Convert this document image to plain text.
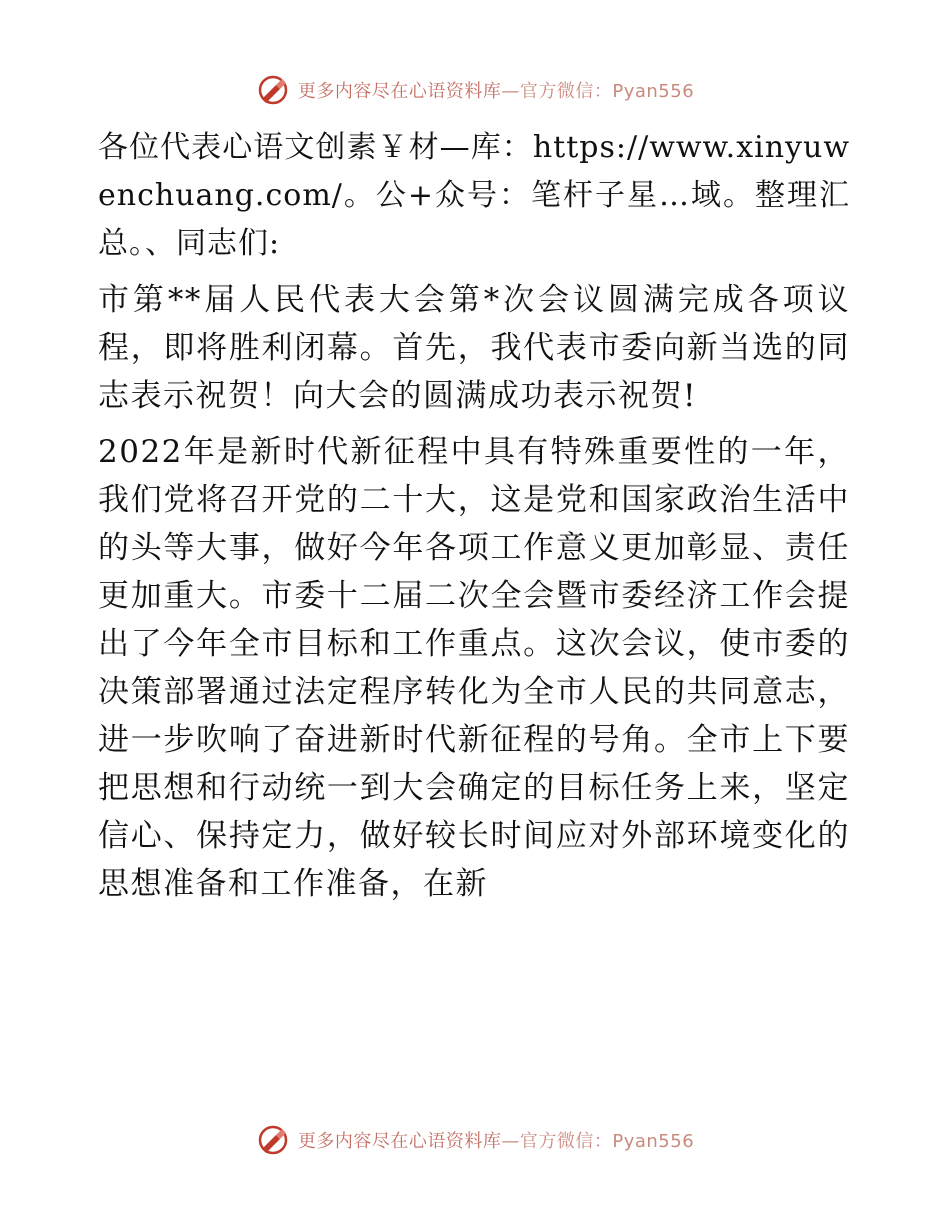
更多内容尽在心语资料库—官方微信：Pyan556

各位代表心语文创素￥材—库：https://www.xinyuwenchuang.com/。公+众号：笔杆子星…域。整理汇总。、同志们:

市第**届人民代表大会第*次会议圆满完成各项议程，即将胜利闭幕。首先，我代表市委向新当选的同志表示祝贺！向大会的圆满成功表示祝贺!

2022年是新时代新征程中具有特殊重要性的一年，我们党将召开党的二十大，这是党和国家政治生活中的头等大事，做好今年各项工作意义更加彰显、责任更加重大。市委十二届二次全会暨市委经济工作会提出了今年全市目标和工作重点。这次会议，使市委的决策部署通过法定程序转化为全市人民的共同意志，进一步吹响了奋进新时代新征程的号角。全市上下要把思想和行动统一到大会确定的目标任务上来，坚定信心、保持定力，做好较长时间应对外部环境变化的思想准备和工作准备，在新

更多内容尽在心语资料库—官方微信：Pyan556
